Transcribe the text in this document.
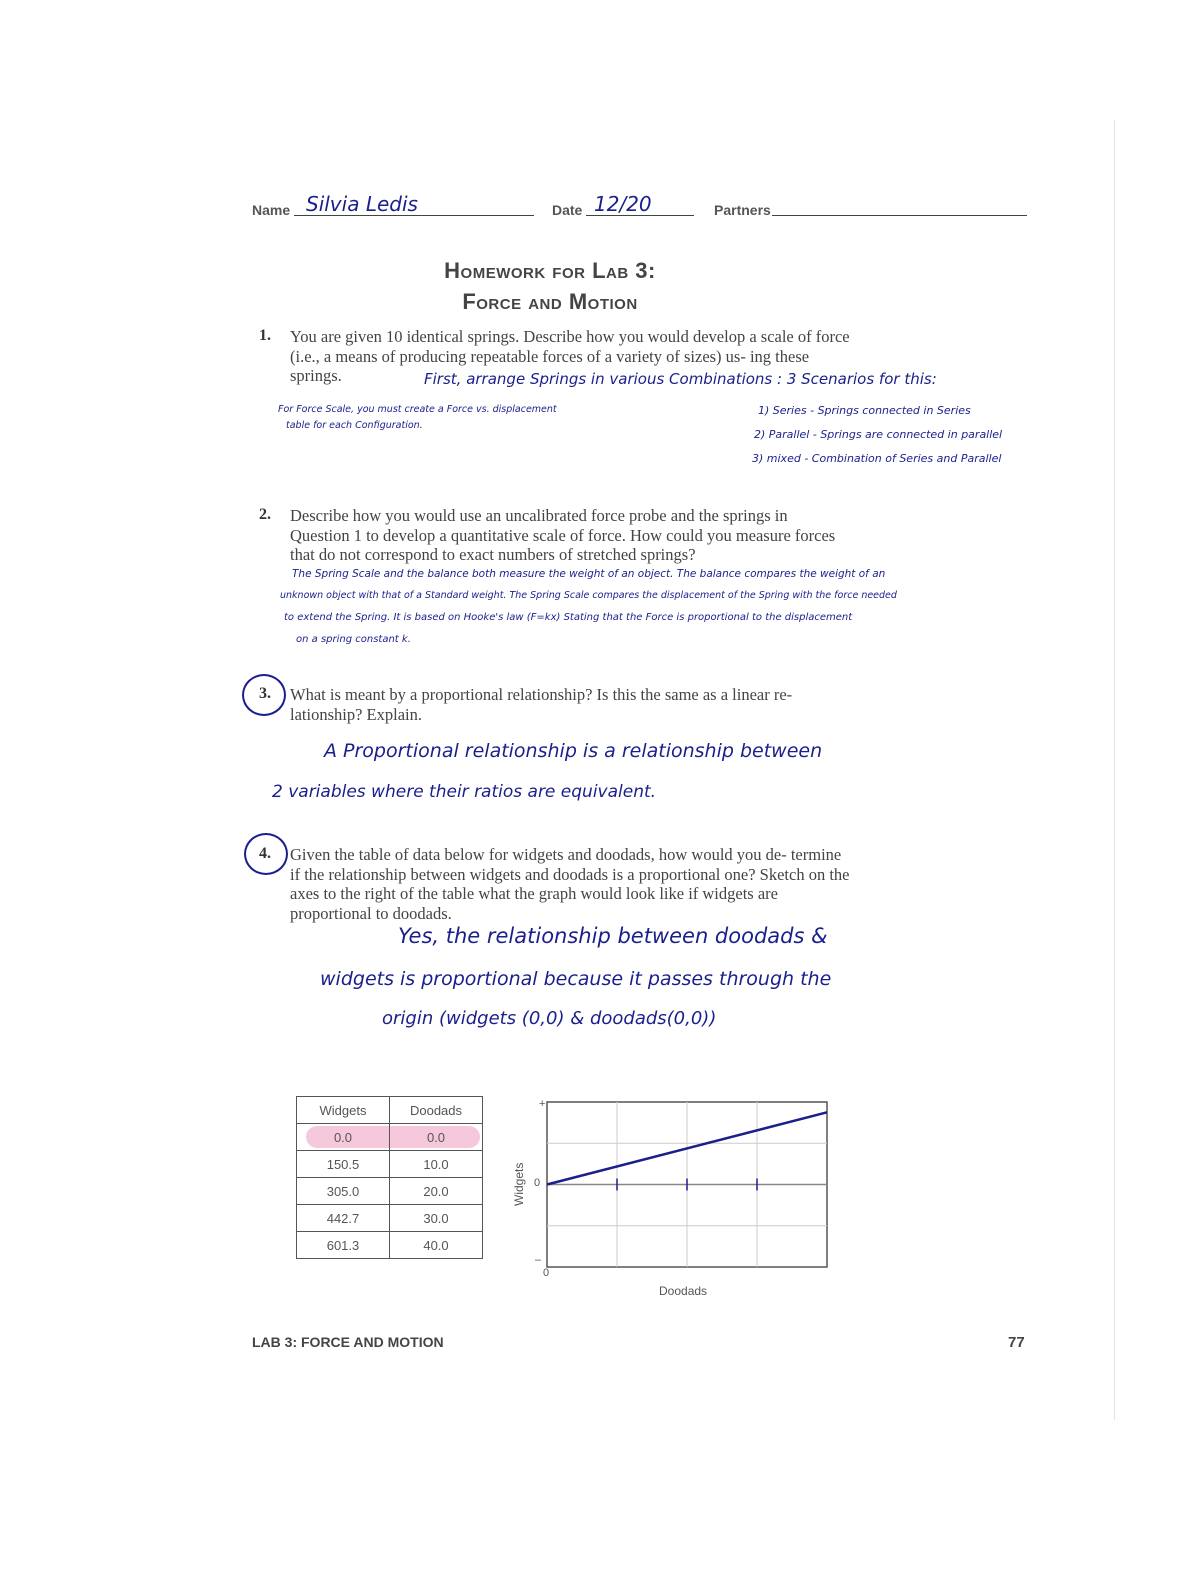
Name Silvia Ledis	Date 12/20	Partners
Homework for Lab 3:
Force and Motion
1. You are given 10 identical springs. Describe how you would develop a scale of force (i.e., a means of producing repeatable forces of a variety of sizes) us- ing these springs.	First, arrange Springs in various Combinations : 3 Scenarios for this:
For Force Scale, you must create a Force vs. displacement
table for each Configuration.
1) Series - Springs connected in Series
2) Parallel - Springs are connected in parallel
3) mixed - Combination of Series and Parallel
2. Describe how you would use an uncalibrated force probe and the springs in Question 1 to develop a quantitative scale of force. How could you measure forces that do not correspond to exact numbers of stretched springs?
The Spring Scale and the balance both measure the weight of an object. The balance compares the weight of an
unknown object with that of a Standard weight. The Spring Scale compares the displacement of the Spring with the force needed
to extend the Spring. It is based on Hooke's law (F=kx) Stating that the Force is proportional to the displacement
on a spring constant k.
3. What is meant by a proportional relationship? Is this the same as a linear re- lationship? Explain.
A Proportional relationship is a relationship between
2 variables where their ratios are equivalent.
4. Given the table of data below for widgets and doodads, how would you de- termine if the relationship between widgets and doodads is a proportional one? Sketch on the axes to the right of the table what the graph would look like if widgets are proportional to doodads.
Yes, the relationship between doodads &
widgets is proportional because it passes through the
origin (widgets (0,0) & doodads(0,0))
Widgets	Doodads
0.0	0.0
150.5	10.0
305.0	20.0
442.7	30.0
601.3	40.0
+
0
–
0
Doodads
Widgets
LAB 3: FORCE AND MOTION	77
